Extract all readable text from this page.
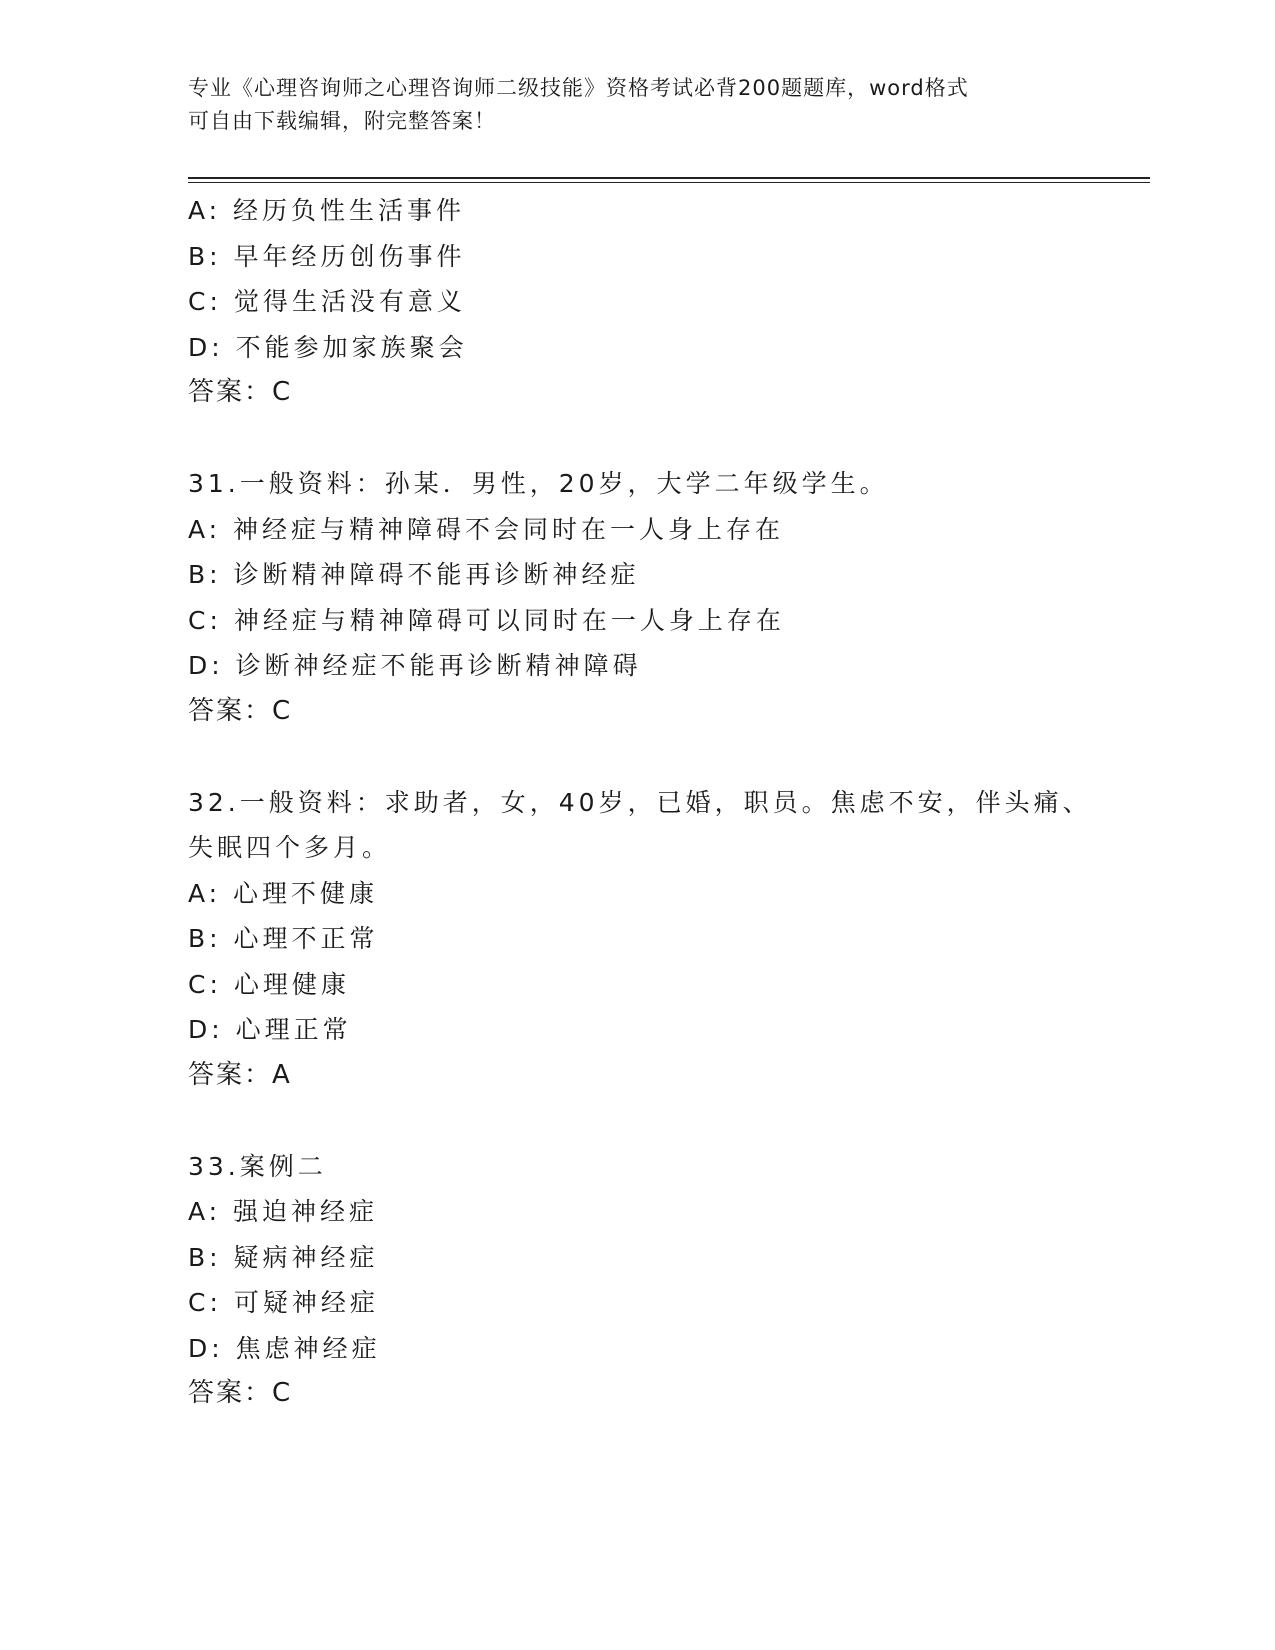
专业《心理咨询师之心理咨询师二级技能》资格考试必背200题题库，word格式
可自由下载编辑，附完整答案！
A: 经历负性生活事件
B: 早年经历创伤事件
C: 觉得生活没有意义
D: 不能参加家族聚会
答案：C
31.一般资料：孙某．男性，20岁，大学二年级学生。
A: 神经症与精神障碍不会同时在一人身上存在
B: 诊断精神障碍不能再诊断神经症
C: 神经症与精神障碍可以同时在一人身上存在
D: 诊断神经症不能再诊断精神障碍
答案：C
32.一般资料：求助者，女，40岁，已婚，职员。焦虑不安，伴头痛、
失眠四个多月。
A: 心理不健康
B: 心理不正常
C: 心理健康
D: 心理正常
答案：A
33.案例二
A: 强迫神经症
B: 疑病神经症
C: 可疑神经症
D: 焦虑神经症
答案：C
